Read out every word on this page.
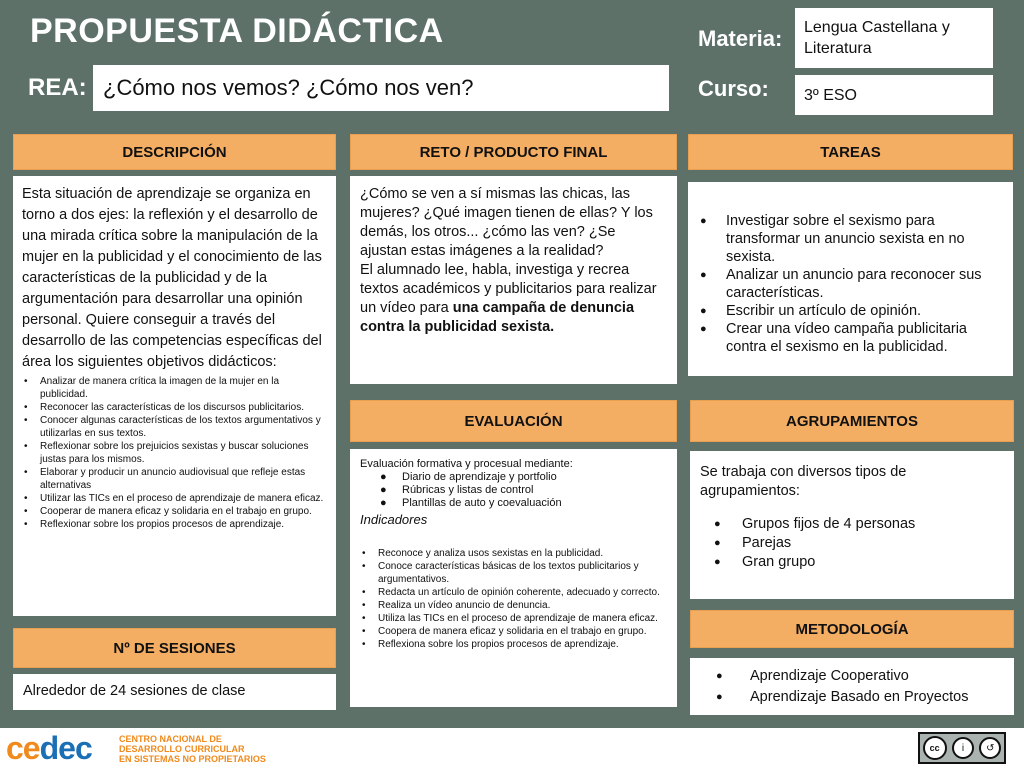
PROPUESTA DIDÁCTICA
REA: ¿Cómo nos vemos? ¿Cómo nos ven?
Materia: Lengua Castellana y Literatura
Curso: 3º ESO
DESCRIPCIÓN	RETO / PRODUCTO FINAL	TAREAS
Esta situación de aprendizaje se organiza en torno a dos ejes: la reflexión y el desarrollo de una mirada crítica sobre la manipulación de la mujer en la publicidad y el conocimiento de las características de la publicidad y de la argumentación para desarrollar una opinión personal. Quiere conseguir a través del desarrollo de las competencias específicas del área los siguientes objetivos didácticos:
• Analizar de manera crítica la imagen de la mujer en la publicidad.
• Reconocer las características de los discursos publicitarios.
• Conocer algunas características de los textos argumentativos y utilizarlas en sus textos.
• Reflexionar sobre los prejuicios sexistas y buscar soluciones justas para los mismos.
• Elaborar y producir un anuncio audiovisual que refleje estas alternativas
• Utilizar las TICs en el proceso de aprendizaje de manera eficaz.
• Cooperar de manera eficaz y solidaria en el trabajo en grupo.
• Reflexionar sobre los propios procesos de aprendizaje.
¿Cómo se ven a sí mismas las chicas, las mujeres? ¿Qué imagen tienen de ellas? Y los demás, los otros... ¿cómo las ven? ¿Se ajustan estas imágenes a la realidad?
El alumnado lee, habla, investiga y recrea textos académicos y publicitarios para realizar un vídeo para una campaña de denuncia contra la publicidad sexista.
● Investigar sobre el sexismo para transformar un anuncio sexista en no sexista.
● Analizar un anuncio para reconocer sus características.
● Escribir un artículo de opinión.
● Crear una vídeo campaña publicitaria contra el sexismo en la publicidad.
EVALUACIÓN
Evaluación formativa y procesual mediante:
● Diario de aprendizaje y portfolio
● Rúbricas y listas de control
● Plantillas de auto y coevaluación
Indicadores
• Reconoce y analiza usos sexistas en la publicidad.
• Conoce características básicas de los textos publicitarios y argumentativos.
• Redacta un artículo de opinión coherente, adecuado y correcto.
• Realiza un vídeo anuncio de denuncia.
• Utiliza las TICs en el proceso de aprendizaje de manera eficaz.
• Coopera de manera eficaz y solidaria en el trabajo en grupo.
• Reflexiona sobre los propios procesos de aprendizaje.
AGRUPAMIENTOS
Se trabaja con diversos tipos de agrupamientos:
● Grupos fijos de 4 personas
● Parejas
● Gran grupo
METODOLOGÍA
● Aprendizaje Cooperativo
● Aprendizaje Basado en Proyectos
Nº DE SESIONES
Alrededor de 24 sesiones de clase
cedec	CENTRO NACIONAL DE
DESARROLLO CURRICULAR
EN SISTEMAS NO PROPIETARIOS
cc	i	↺
